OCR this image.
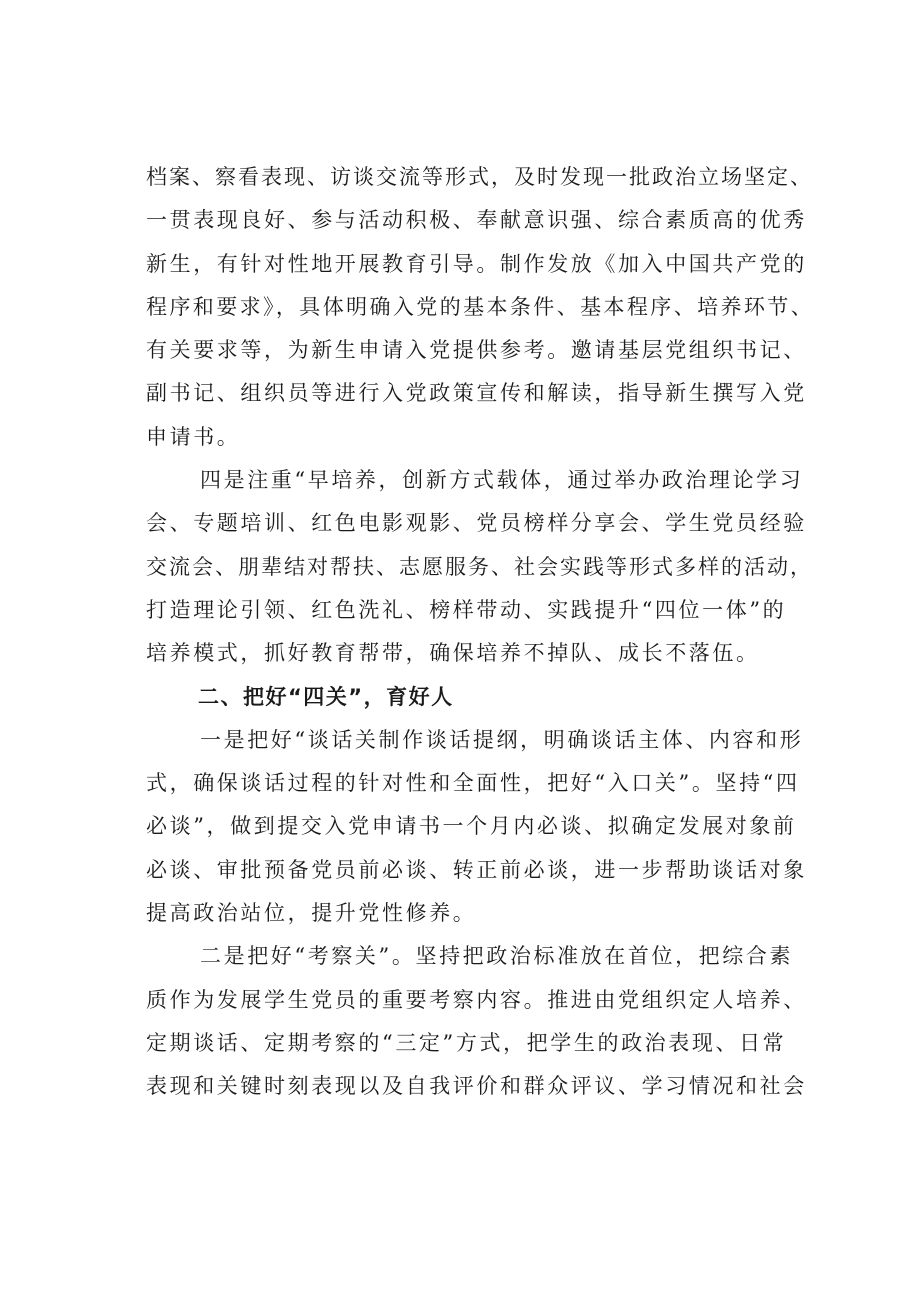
档案、察看表现、访谈交流等形式，及时发现一批政治立场坚定、
一贯表现良好、参与活动积极、奉献意识强、综合素质高的优秀
新生，有针对性地开展教育引导。制作发放《加入中国共产党的
程序和要求》，具体明确入党的基本条件、基本程序、培养环节、
有关要求等，为新生申请入党提供参考。邀请基层党组织书记、
副书记、组织员等进行入党政策宣传和解读，指导新生撰写入党
申请书。
四是注重“早培养，创新方式载体，通过举办政治理论学习
会、专题培训、红色电影观影、党员榜样分享会、学生党员经验
交流会、朋辈结对帮扶、志愿服务、社会实践等形式多样的活动，
打造理论引领、红色洗礼、榜样带动、实践提升“四位一体”的
培养模式，抓好教育帮带，确保培养不掉队、成长不落伍。
二、把好“四关”，育好人
一是把好“谈话关制作谈话提纲，明确谈话主体、内容和形
式，确保谈话过程的针对性和全面性，把好“入口关”。坚持“四
必谈”，做到提交入党申请书一个月内必谈、拟确定发展对象前
必谈、审批预备党员前必谈、转正前必谈，进一步帮助谈话对象
提高政治站位，提升党性修养。
二是把好“考察关”。坚持把政治标准放在首位，把综合素
质作为发展学生党员的重要考察内容。推进由党组织定人培养、
定期谈话、定期考察的“三定”方式，把学生的政治表现、日常
表现和关键时刻表现以及自我评价和群众评议、学习情况和社会
